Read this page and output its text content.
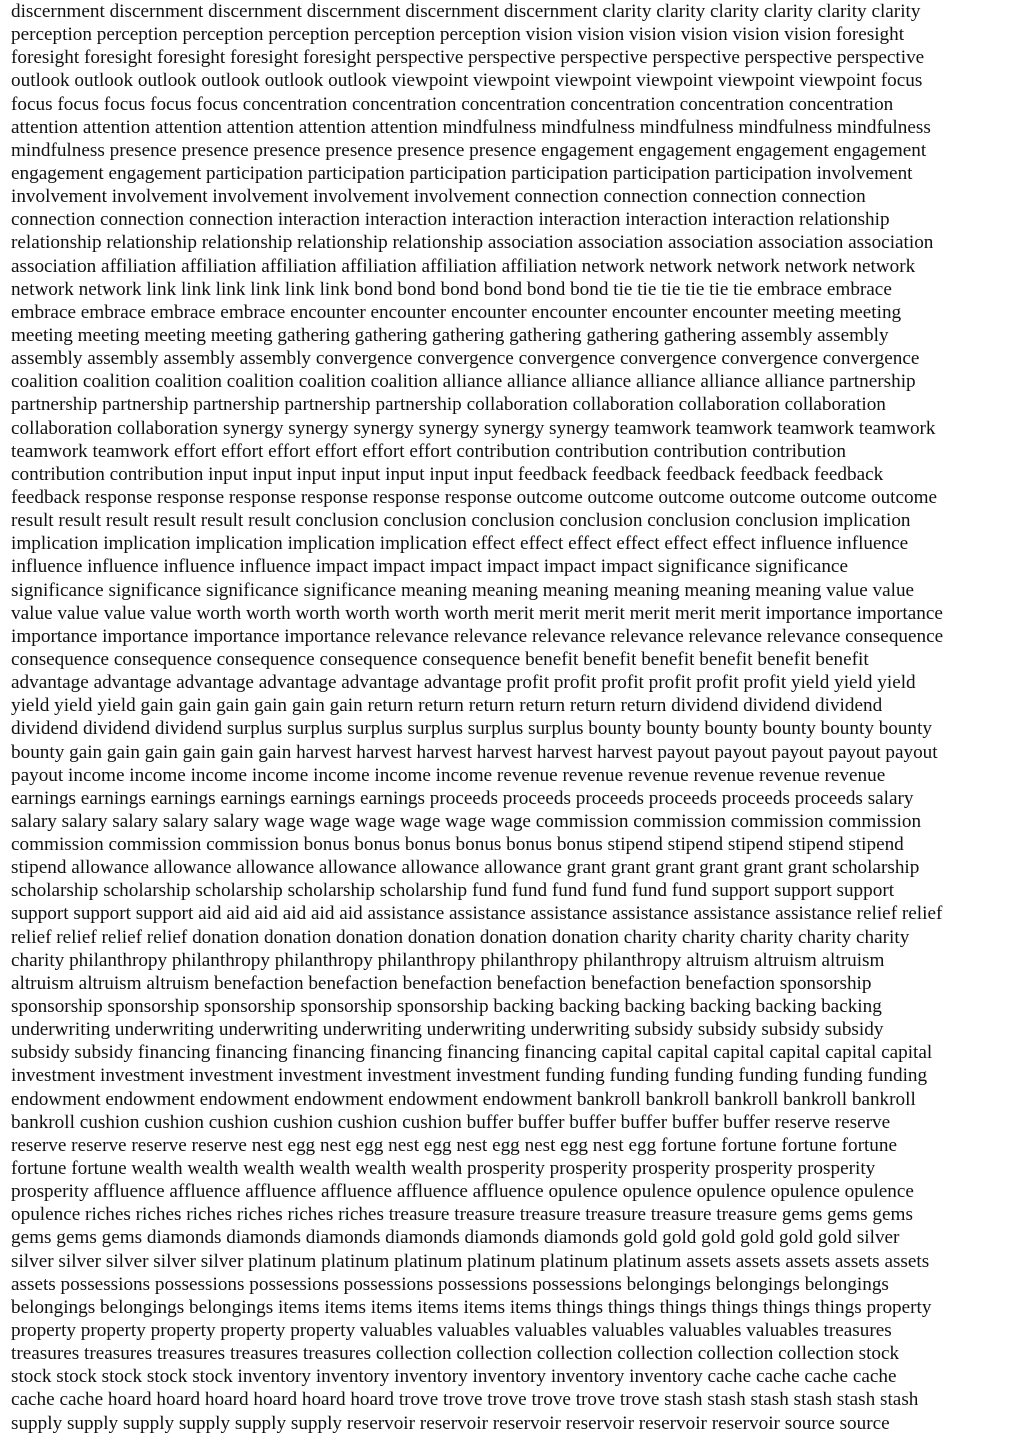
discernment discernment discernment discernment discernment discernment clarity clarity clarity clarity clarity clarity
perception perception perception perception perception perception vision vision vision vision vision vision foresight
foresight foresight foresight foresight foresight perspective perspective perspective perspective perspective perspective
outlook outlook outlook outlook outlook outlook viewpoint viewpoint viewpoint viewpoint viewpoint viewpoint focus
focus focus focus focus focus concentration concentration concentration concentration concentration concentration
attention attention attention attention attention attention mindfulness mindfulness mindfulness mindfulness mindfulness
mindfulness presence presence presence presence presence presence engagement engagement engagement engagement
engagement engagement participation participation participation participation participation participation involvement
involvement involvement involvement involvement involvement connection connection connection connection
connection connection connection interaction interaction interaction interaction interaction interaction relationship
relationship relationship relationship relationship relationship association association association association association
association affiliation affiliation affiliation affiliation affiliation affiliation network network network network network
network network link link link link link link bond bond bond bond bond bond tie tie tie tie tie tie embrace embrace
embrace embrace embrace embrace encounter encounter encounter encounter encounter encounter meeting meeting
meeting meeting meeting meeting gathering gathering gathering gathering gathering gathering assembly assembly
assembly assembly assembly assembly convergence convergence convergence convergence convergence convergence
coalition coalition coalition coalition coalition coalition alliance alliance alliance alliance alliance alliance partnership
partnership partnership partnership partnership partnership collaboration collaboration collaboration collaboration
collaboration collaboration synergy synergy synergy synergy synergy synergy teamwork teamwork teamwork teamwork
teamwork teamwork effort effort effort effort effort effort contribution contribution contribution contribution
contribution contribution input input input input input input input feedback feedback feedback feedback feedback
feedback response response response response response response outcome outcome outcome outcome outcome outcome
result result result result result result conclusion conclusion conclusion conclusion conclusion conclusion implication
implication implication implication implication implication effect effect effect effect effect effect influence influence
influence influence influence influence impact impact impact impact impact impact significance significance
significance significance significance significance meaning meaning meaning meaning meaning meaning value value
value value value value worth worth worth worth worth worth merit merit merit merit merit merit importance importance
importance importance importance importance relevance relevance relevance relevance relevance relevance consequence
consequence consequence consequence consequence consequence benefit benefit benefit benefit benefit benefit
advantage advantage advantage advantage advantage advantage profit profit profit profit profit profit yield yield yield
yield yield yield gain gain gain gain gain gain return return return return return return dividend dividend dividend
dividend dividend dividend surplus surplus surplus surplus surplus surplus bounty bounty bounty bounty bounty bounty
bounty gain gain gain gain gain gain harvest harvest harvest harvest harvest harvest payout payout payout payout payout
payout income income income income income income income revenue revenue revenue revenue revenue revenue
earnings earnings earnings earnings earnings earnings proceeds proceeds proceeds proceeds proceeds proceeds salary
salary salary salary salary salary wage wage wage wage wage wage commission commission commission commission
commission commission commission bonus bonus bonus bonus bonus bonus stipend stipend stipend stipend stipend
stipend allowance allowance allowance allowance allowance allowance grant grant grant grant grant grant scholarship
scholarship scholarship scholarship scholarship scholarship fund fund fund fund fund fund support support support
support support support aid aid aid aid aid aid assistance assistance assistance assistance assistance assistance relief relief
relief relief relief relief donation donation donation donation donation donation charity charity charity charity charity
charity philanthropy philanthropy philanthropy philanthropy philanthropy philanthropy altruism altruism altruism
altruism altruism altruism benefaction benefaction benefaction benefaction benefaction benefaction sponsorship
sponsorship sponsorship sponsorship sponsorship sponsorship backing backing backing backing backing backing
underwriting underwriting underwriting underwriting underwriting underwriting subsidy subsidy subsidy subsidy
subsidy subsidy financing financing financing financing financing financing capital capital capital capital capital capital
investment investment investment investment investment investment funding funding funding funding funding funding
endowment endowment endowment endowment endowment endowment bankroll bankroll bankroll bankroll bankroll
bankroll cushion cushion cushion cushion cushion cushion buffer buffer buffer buffer buffer buffer reserve reserve
reserve reserve reserve reserve nest egg nest egg nest egg nest egg nest egg nest egg fortune fortune fortune fortune
fortune fortune wealth wealth wealth wealth wealth wealth prosperity prosperity prosperity prosperity prosperity
prosperity affluence affluence affluence affluence affluence affluence opulence opulence opulence opulence opulence
opulence riches riches riches riches riches riches treasure treasure treasure treasure treasure treasure gems gems gems
gems gems gems diamonds diamonds diamonds diamonds diamonds diamonds gold gold gold gold gold gold silver
silver silver silver silver silver platinum platinum platinum platinum platinum platinum assets assets assets assets assets
assets possessions possessions possessions possessions possessions possessions belongings belongings belongings
belongings belongings belongings items items items items items items things things things things things things property
property property property property property valuables valuables valuables valuables valuables valuables treasures
treasures treasures treasures treasures treasures collection collection collection collection collection collection stock
stock stock stock stock stock inventory inventory inventory inventory inventory inventory cache cache cache cache
cache cache hoard hoard hoard hoard hoard hoard trove trove trove trove trove trove stash stash stash stash stash stash
supply supply supply supply supply supply reservoir reservoir reservoir reservoir reservoir reservoir source source
